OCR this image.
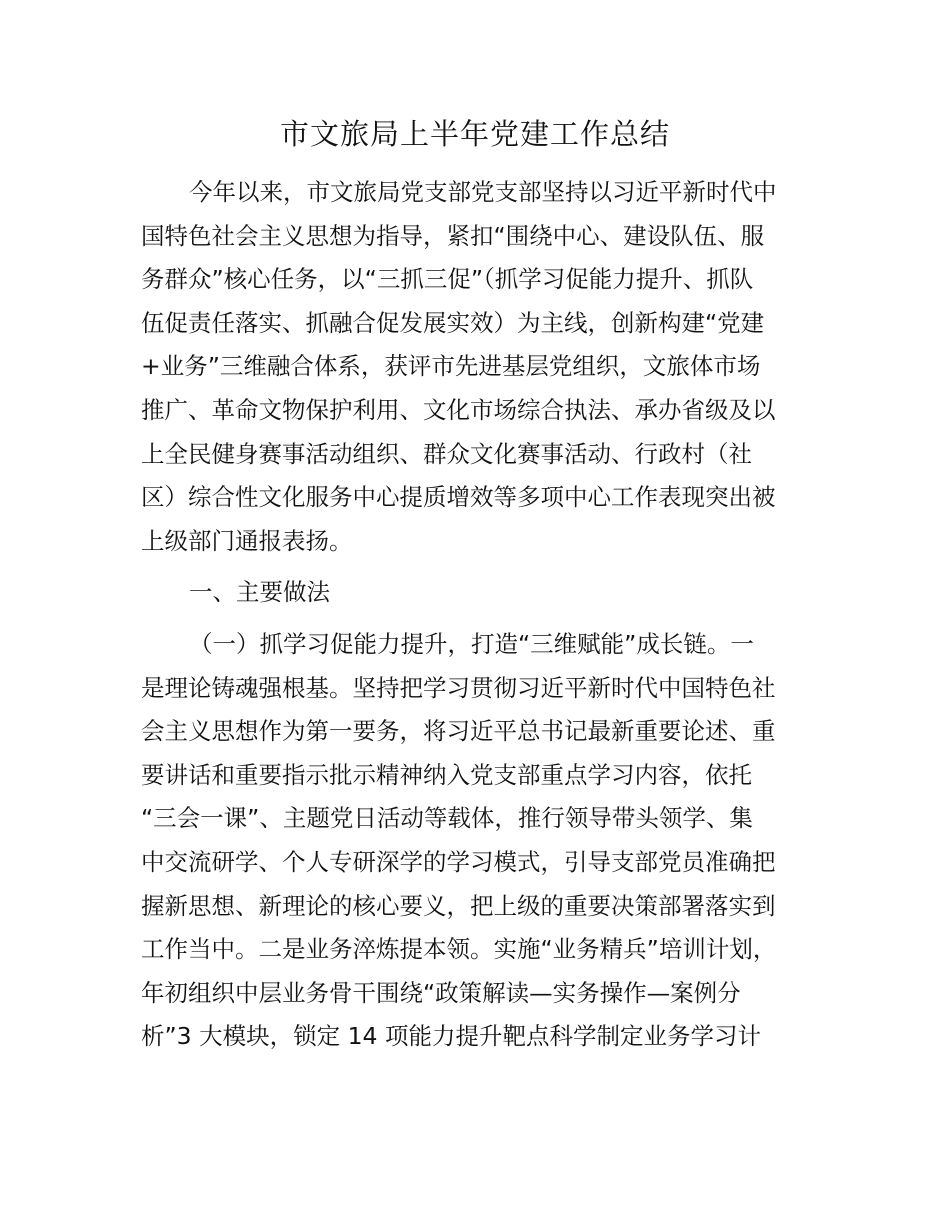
市文旅局上半年党建工作总结
今年以来，市文旅局党支部党支部坚持以习近平新时代中
国特色社会主义思想为指导，紧扣“围绕中心、建设队伍、服
务群众”核心任务，以“三抓三促”（抓学习促能力提升、抓队
伍促责任落实、抓融合促发展实效）为主线，创新构建“党建
+业务”三维融合体系，获评市先进基层党组织，文旅体市场
推广、革命文物保护利用、文化市场综合执法、承办省级及以
上全民健身赛事活动组织、群众文化赛事活动、行政村（社
区）综合性文化服务中心提质增效等多项中心工作表现突出被
上级部门通报表扬。
一、主要做法
（一）抓学习促能力提升，打造“三维赋能”成长链。一
是理论铸魂强根基。坚持把学习贯彻习近平新时代中国特色社
会主义思想作为第一要务，将习近平总书记最新重要论述、重
要讲话和重要指示批示精神纳入党支部重点学习内容，依托
“三会一课”、主题党日活动等载体，推行领导带头领学、集
中交流研学、个人专研深学的学习模式，引导支部党员准确把
握新思想、新理论的核心要义，把上级的重要决策部署落实到
工作当中。二是业务淬炼提本领。实施“业务精兵”培训计划，
年初组织中层业务骨干围绕“政策解读—实务操作—案例分
析”3 大模块，锁定 14 项能力提升靶点科学制定业务学习计
